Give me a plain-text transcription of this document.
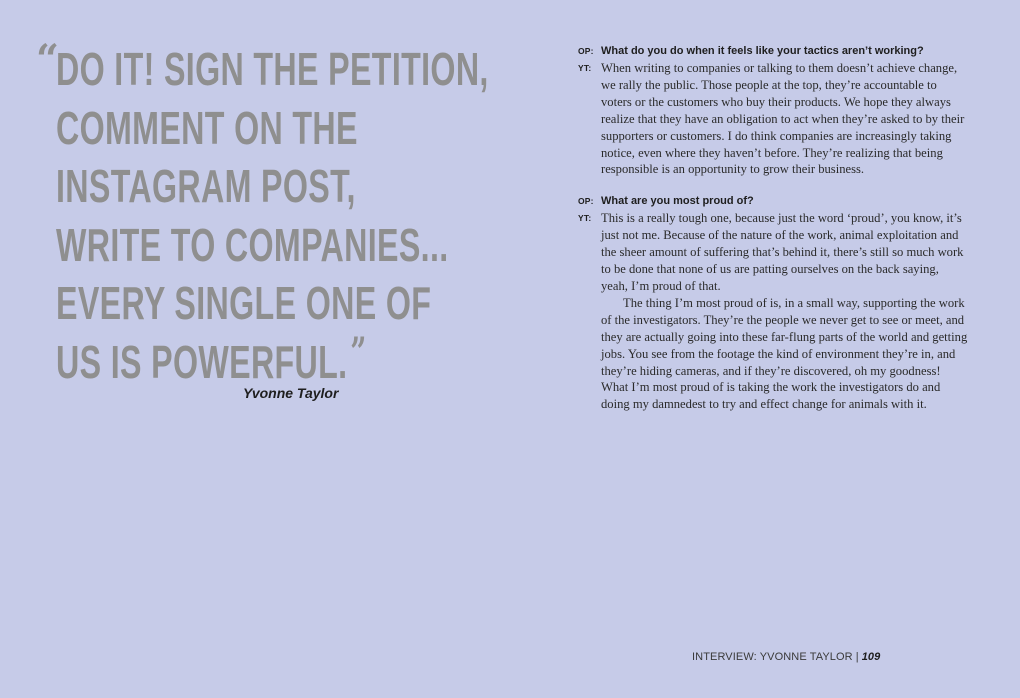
“
DO IT! SIGN THE PETITION,
COMMENT ON THE
INSTAGRAM POST,
WRITE TO COMPANIES...
EVERY SINGLE ONE OF
US IS POWERFUL.”
Yvonne Taylor
OP: What do you do when it feels like your tactics aren’t working?
YT: When writing to companies or talking to them doesn’t achieve change, we rally the public. Those people at the top, they’re accountable to voters or the customers who buy their products. We hope they always realize that they have an obligation to act when they’re asked to by their supporters or customers. I do think companies are increasingly taking notice, even where they haven’t before. They’re realizing that being responsible is an opportunity to grow their business.

OP: What are you most proud of?
YT: This is a really tough one, because just the word ‘proud’, you know, it’s just not me. Because of the nature of the work, animal exploitation and the sheer amount of suffering that’s behind it, there’s still so much work to be done that none of us are patting ourselves on the back saying, yeah, I’m proud of that.

The thing I’m most proud of is, in a small way, supporting the work of the investigators. They’re the people we never get to see or meet, and they are actually going into these far-flung parts of the world and getting jobs. You see from the footage the kind of environment they’re in, and they’re hiding cameras, and if they’re discovered, oh my goodness! What I’m most proud of is taking the work the investigators do and doing my damnedest to try and effect change for animals with it.

INTERVIEW: YVONNE TAYLOR | 109
